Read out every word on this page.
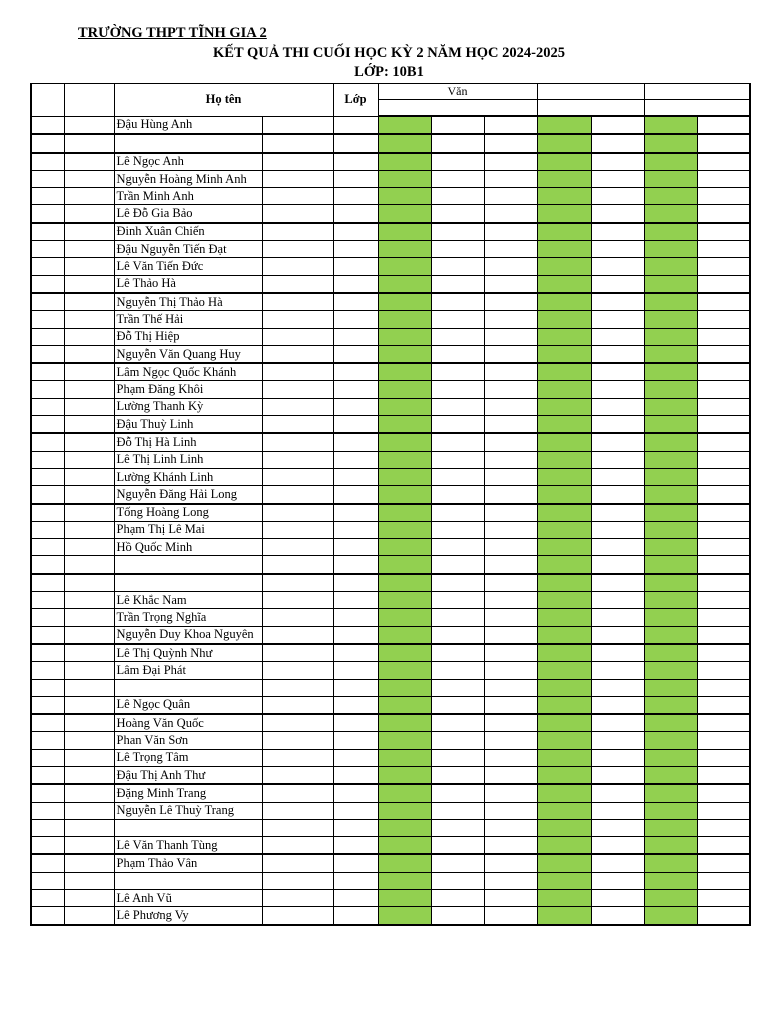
TRƯỜNG THPT TĨNH GIA 2
KẾT QUẢ THI CUỐI HỌC KỲ 2 NĂM HỌC 2024-2025
LỚP: 10B1
		Họ tên		Lớp	Văn						

		Đậu Hùng Anh									

		Lê Ngọc Anh									
		Nguyễn Hoàng Minh Anh									
		Trần Minh Anh									
		Lê Đỗ Gia Bảo									
		Đinh Xuân Chiến									
		Đậu Nguyễn Tiến Đạt									
		Lê Văn Tiến Đức									
		Lê Thảo Hà									
		Nguyễn Thị Thảo Hà									
		Trần Thế Hải									
		Đỗ Thị Hiệp									
		Nguyễn Văn Quang Huy									
		Lâm Ngọc Quốc Khánh									
		Phạm Đăng Khôi									
		Lường Thanh Kỳ									
		Đậu Thuỳ Linh									
		Đỗ Thị Hà Linh									
		Lê Thị Linh Linh									
		Lường Khánh Linh									
		Nguyễn Đăng Hải Long									
		Tống Hoàng Long									
		Phạm Thị Lê Mai									
		Hồ Quốc Minh									

		Lê Khắc Nam									
		Trần Trọng Nghĩa									
		Nguyễn Duy Khoa Nguyên									
		Lê Thị Quỳnh Như									
		Lâm Đại Phát									

		Lê Ngọc Quân									
		Hoàng Văn Quốc									
		Phan Văn Sơn									
		Lê Trọng Tâm									
		Đậu Thị Anh Thư									
		Đặng Minh Trang									
		Nguyễn Lê Thuỳ Trang									

		Lê Văn Thanh Tùng									
		Phạm Thảo Vân									

		Lê Anh Vũ									
		Lê Phương Vy									
